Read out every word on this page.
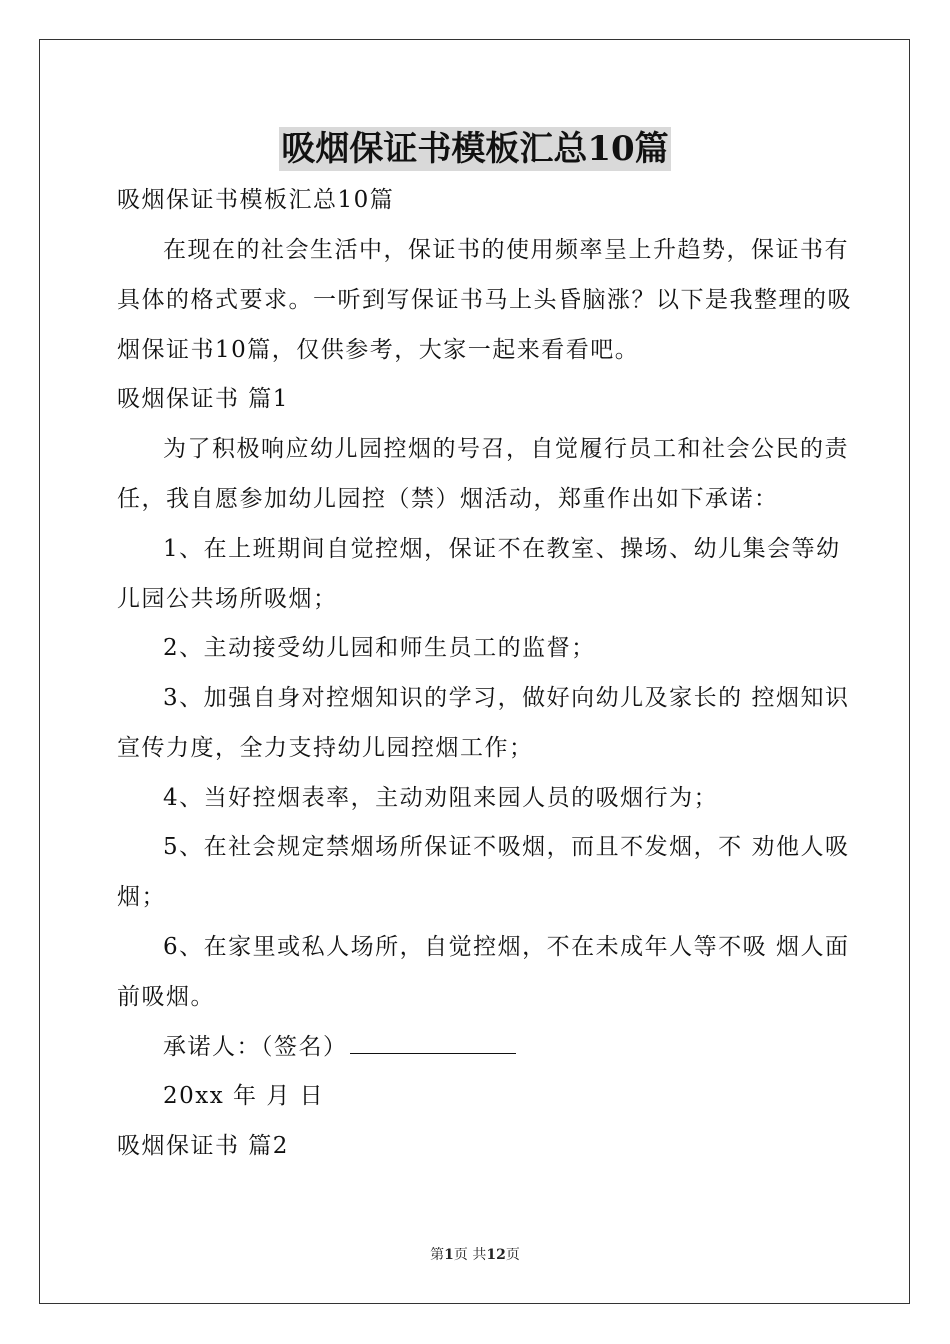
吸烟保证书模板汇总10篇
吸烟保证书模板汇总10篇
在现在的社会生活中，保证书的使用频率呈上升趋势，保证书有
具体的格式要求。一听到写保证书马上头昏脑涨？以下是我整理的吸
烟保证书10篇，仅供参考，大家一起来看看吧。
吸烟保证书 篇1
为了积极响应幼儿园控烟的号召，自觉履行员工和社会公民的责
任，我自愿参加幼儿园控（禁）烟活动，郑重作出如下承诺：
1、在上班期间自觉控烟，保证不在教室、操场、幼儿集会等幼
儿园公共场所吸烟；
2、主动接受幼儿园和师生员工的监督；
3、加强自身对控烟知识的学习，做好向幼儿及家长的 控烟知识
宣传力度，全力支持幼儿园控烟工作；
4、当好控烟表率，主动劝阻来园人员的吸烟行为；
5、在社会规定禁烟场所保证不吸烟，而且不发烟，不 劝他人吸
烟；
6、在家里或私人场所，自觉控烟，不在未成年人等不吸 烟人面
前吸烟。
承诺人：（签名）
20xx 年 月 日
吸烟保证书 篇2
第1页 共12页
